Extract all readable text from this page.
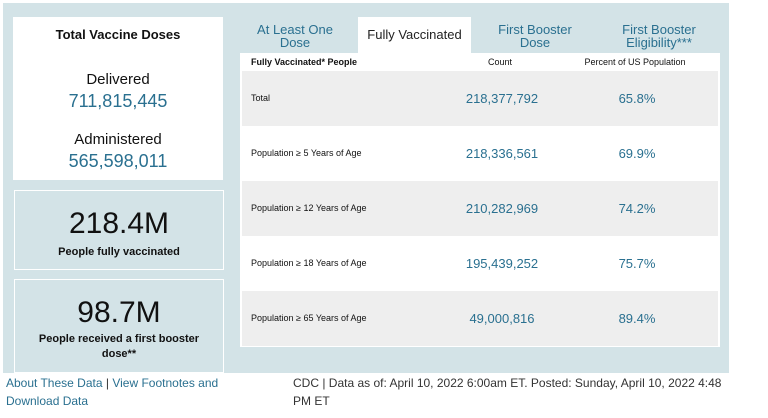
Total Vaccine Doses
Delivered
711,815,445
Administered
565,598,011
218.4M
People fully vaccinated
98.7M
People received a first booster dose**
At Least One Dose
Fully Vaccinated	First Booster Dose
First Booster Eligibility***
Fully Vaccinated* People	Count	Percent of US Population
Total	218,377,792	65.8%
Population ≥ 5 Years of Age	218,336,561	69.9%
Population ≥ 12 Years of Age	210,282,969	74.2%
Population ≥ 18 Years of Age	195,439,252	75.7%
Population ≥ 65 Years of Age	49,000,816	89.4%
About These Data | View Footnotes and Download Data
CDC | Data as of: April 10, 2022 6:00am ET. Posted: Sunday, April 10, 2022 4:48 PM ET
